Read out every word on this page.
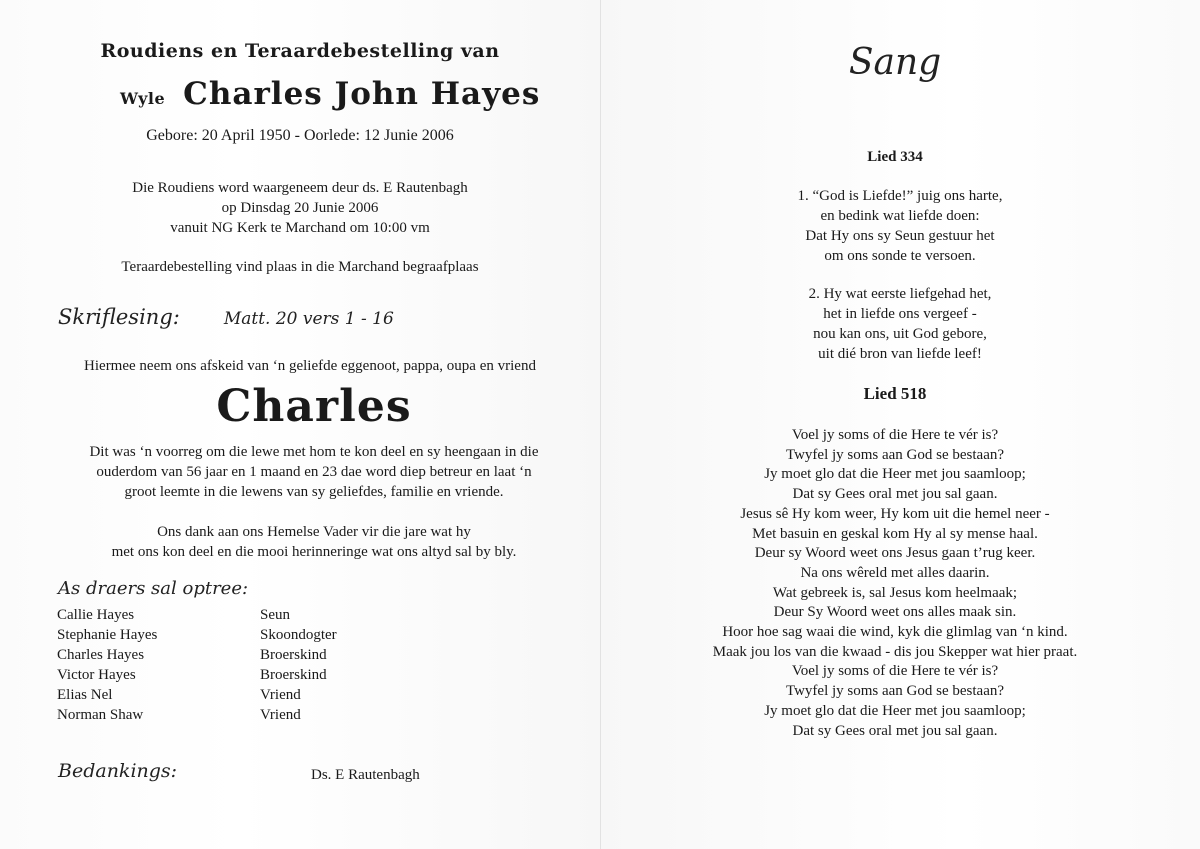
Roudiens en Teraardebestelling van
Wyle Charles John Hayes
Gebore: 20 April 1950 - Oorlede: 12 Junie 2006
Die Roudiens word waargeneem deur ds. E Rautenbagh
op Dinsdag 20 Junie 2006
vanuit NG Kerk te Marchand om 10:00 vm
Teraardebestelling vind plaas in die Marchand begraafplaas
Skriflesing:	Matt. 20 vers 1 - 16
Hiermee neem ons afskeid van ‘n geliefde eggenoot, pappa, oupa en vriend
Charles
Dit was ‘n voorreg om die lewe met hom te kon deel en sy heengaan in die
ouderdom van 56 jaar en 1 maand en 23 dae word diep betreur en laat ‘n
groot leemte in die lewens van sy geliefdes, familie en vriende.
Ons dank aan ons Hemelse Vader vir die jare wat hy
met ons kon deel en die mooi herinneringe wat ons altyd sal by bly.
As draers sal optree:
Callie Hayes	Seun
Stephanie Hayes	Skoondogter
Charles Hayes	Broerskind
Victor Hayes	Broerskind
Elias Nel	Vriend
Norman Shaw	Vriend
Bedankings:	Ds. E Rautenbagh
Sang
Lied 334
1. “God is Liefde!” juig ons harte,
en bedink wat liefde doen:
Dat Hy ons sy Seun gestuur het
om ons sonde te versoen.
2. Hy wat eerste liefgehad het,
het in liefde ons vergeef -
nou kan ons, uit God gebore,
uit dié bron van liefde leef!
Lied 518
Voel jy soms of die Here te vér is?
Twyfel jy soms aan God se bestaan?
Jy moet glo dat die Heer met jou saamloop;
Dat sy Gees oral met jou sal gaan.
Jesus sê Hy kom weer, Hy kom uit die hemel neer -
Met basuin en geskal kom Hy al sy mense haal.
Deur sy Woord weet ons Jesus gaan t’rug keer.
Na ons wêreld met alles daarin.
Wat gebreek is, sal Jesus kom heelmaak;
Deur Sy Woord weet ons alles maak sin.
Hoor hoe sag waai die wind, kyk die glimlag van ‘n kind.
Maak jou los van die kwaad - dis jou Skepper wat hier praat.
Voel jy soms of die Here te vér is?
Twyfel jy soms aan God se bestaan?
Jy moet glo dat die Heer met jou saamloop;
Dat sy Gees oral met jou sal gaan.
